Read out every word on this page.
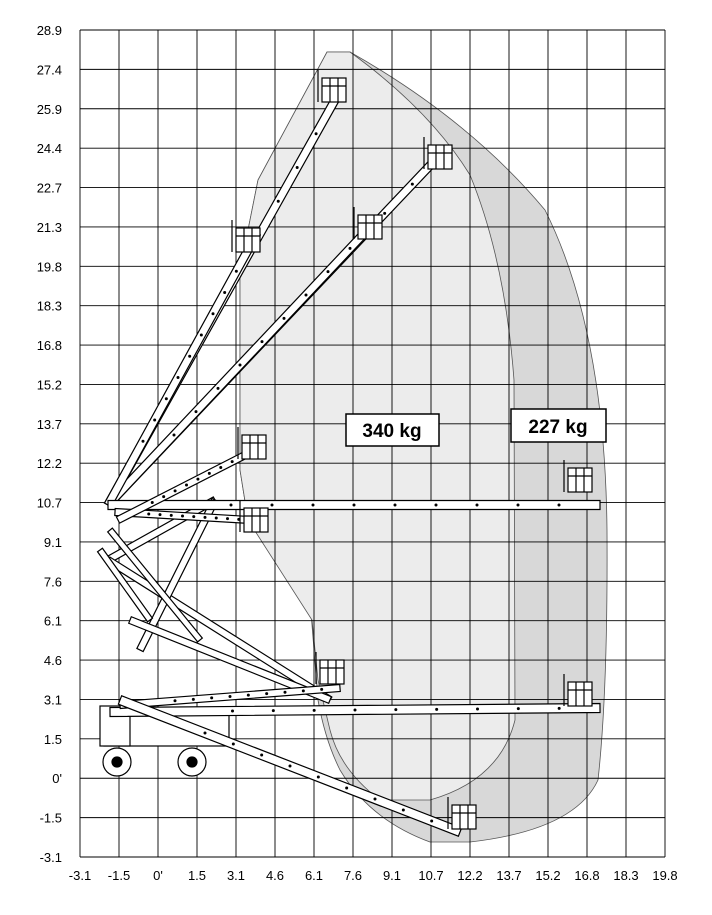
-3.1 -1.5 0' 1.5 3.1 4.6 6.1 7.6 9.1 10.7 12.2 13.7 15.2 16.8 18.3 19.8
28.9
27.4
25.9
24.4
22.7
21.3
19.8
18.3
16.8
15.2
13.7
12.2
10.7
9.1
7.6
6.1
4.6
3.1
1.5
0'
-1.5
-3.1
340 kg	227 kg
